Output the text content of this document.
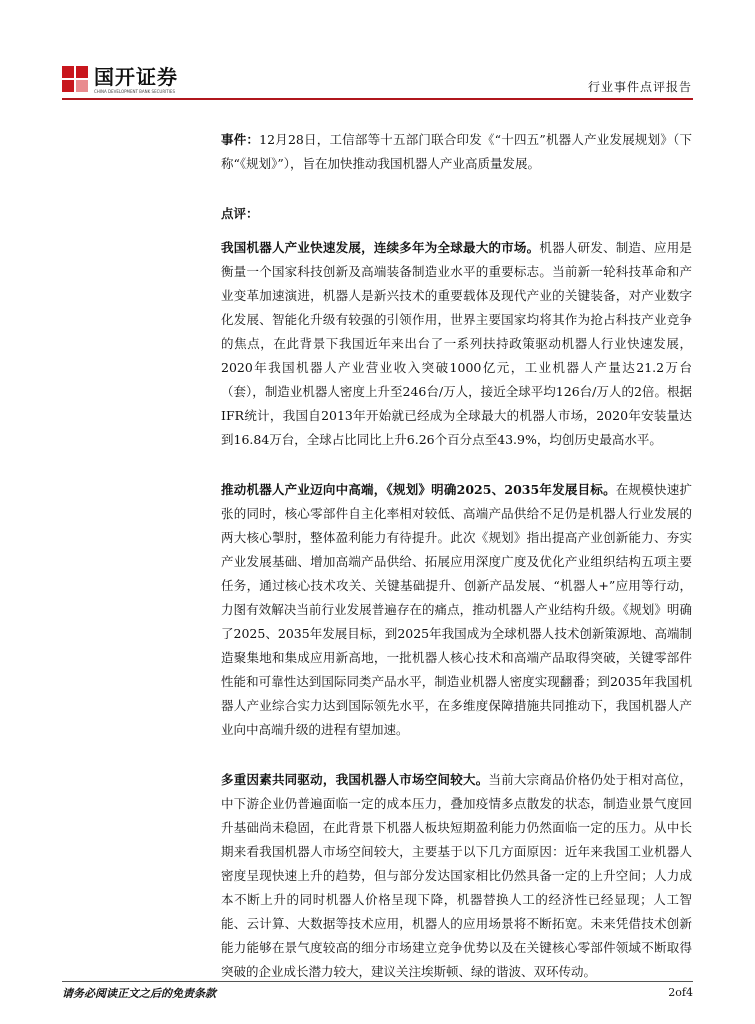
国开证券
CHINA DEVELOPMENT BANK SECURITIES	行业事件点评报告

事件：12月28日，工信部等十五部门联合印发《“十四五”机器人产业发展规划》（下称“《规划》”），旨在加快推动我国机器人产业高质量发展。

点评：

我国机器人产业快速发展，连续多年为全球最大的市场。机器人研发、制造、应用是衡量一个国家科技创新及高端装备制造业水平的重要标志。当前新一轮科技革命和产业变革加速演进，机器人是新兴技术的重要载体及现代产业的关键装备，对产业数字化发展、智能化升级有较强的引领作用，世界主要国家均将其作为抢占科技产业竞争的焦点，在此背景下我国近年来出台了一系列扶持政策驱动机器人行业快速发展，2020年我国机器人产业营业收入突破1000亿元，工业机器人产量达21.2万台（套），制造业机器人密度上升至246台/万人，接近全球平均126台/万人的2倍。根据IFR统计，我国自2013年开始就已经成为全球最大的机器人市场，2020年安装量达到16.84万台，全球占比同比上升6.26个百分点至43.9%，均创历史最高水平。

推动机器人产业迈向中高端，《规划》明确2025、2035年发展目标。在规模快速扩张的同时，核心零部件自主化率相对较低、高端产品供给不足仍是机器人行业发展的两大核心掣肘，整体盈利能力有待提升。此次《规划》指出提高产业创新能力、夯实产业发展基础、增加高端产品供给、拓展应用深度广度及优化产业组织结构五项主要任务，通过核心技术攻关、关键基础提升、创新产品发展、“机器人+”应用等行动，力图有效解决当前行业发展普遍存在的痛点，推动机器人产业结构升级。《规划》明确了2025、2035年发展目标，到2025年我国成为全球机器人技术创新策源地、高端制造聚集地和集成应用新高地，一批机器人核心技术和高端产品取得突破，关键零部件性能和可靠性达到国际同类产品水平，制造业机器人密度实现翻番；到2035年我国机器人产业综合实力达到国际领先水平，在多维度保障措施共同推动下，我国机器人产业向中高端升级的进程有望加速。

多重因素共同驱动，我国机器人市场空间较大。当前大宗商品价格仍处于相对高位，中下游企业仍普遍面临一定的成本压力，叠加疫情多点散发的状态，制造业景气度回升基础尚未稳固，在此背景下机器人板块短期盈利能力仍然面临一定的压力。从中长期来看我国机器人市场空间较大，主要基于以下几方面原因：近年来我国工业机器人密度呈现快速上升的趋势，但与部分发达国家相比仍然具备一定的上升空间；人力成本不断上升的同时机器人价格呈现下降，机器替换人工的经济性已经显现；人工智能、云计算、大数据等技术应用，机器人的应用场景将不断拓宽。未来凭借技术创新能力能够在景气度较高的细分市场建立竞争优势以及在关键核心零部件领域不断取得突破的企业成长潜力较大，建议关注埃斯顿、绿的谐波、双环传动。

请务必阅读正文之后的免责条款	2of4
